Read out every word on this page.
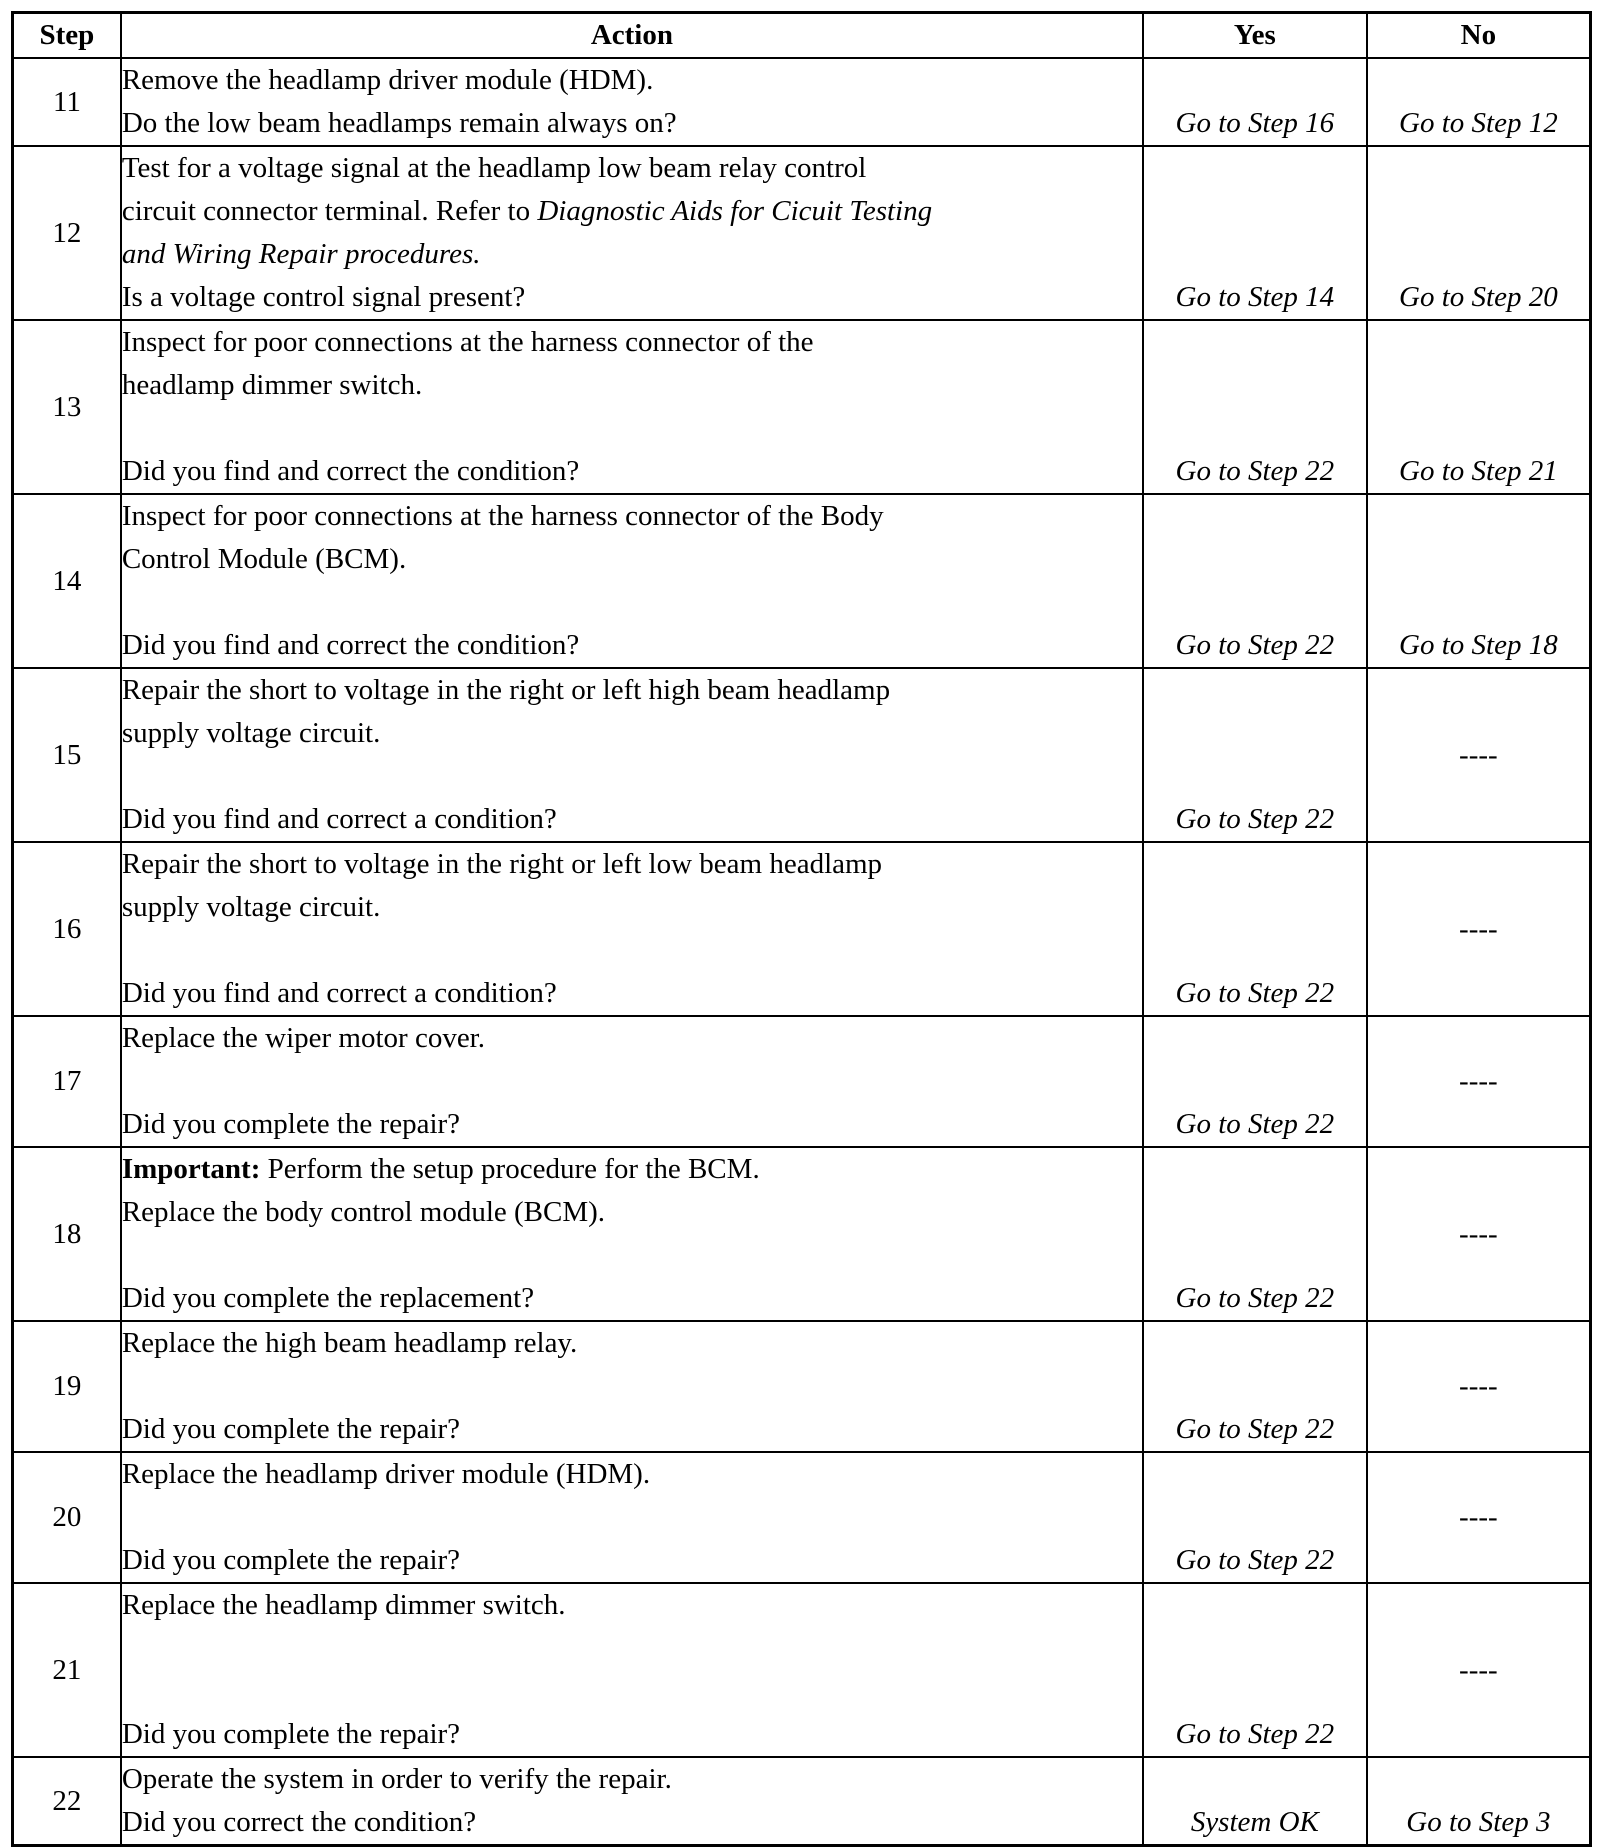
Step	Action	Yes	No
11	Remove the headlamp driver module (HDM).
Do the low beam headlamps remain always on?	Go to Step 16	Go to Step 12
12	Test for a voltage signal at the headlamp low beam relay control
circuit connector terminal. Refer to Diagnostic Aids for Cicuit Testing
and Wiring Repair procedures.
Is a voltage control signal present?	Go to Step 14	Go to Step 20
13	Inspect for poor connections at the harness connector of the
headlamp dimmer switch.
Did you find and correct the condition?	Go to Step 22	Go to Step 21
14	Inspect for poor connections at the harness connector of the Body
Control Module (BCM).
Did you find and correct the condition?	Go to Step 22	Go to Step 18
15	Repair the short to voltage in the right or left high beam headlamp
supply voltage circuit.
Did you find and correct a condition?	Go to Step 22	----
16	Repair the short to voltage in the right or left low beam headlamp
supply voltage circuit.
Did you find and correct a condition?	Go to Step 22	----
17	Replace the wiper motor cover.
Did you complete the repair?	Go to Step 22	----
18	Important: Perform the setup procedure for the BCM.
Replace the body control module (BCM).
Did you complete the replacement?	Go to Step 22	----
19	Replace the high beam headlamp relay.
Did you complete the repair?	Go to Step 22	----
20	Replace the headlamp driver module (HDM).
Did you complete the repair?	Go to Step 22	----
21	Replace the headlamp dimmer switch.
Did you complete the repair?	Go to Step 22	----
22	Operate the system in order to verify the repair.
Did you correct the condition?	System OK	Go to Step 3
